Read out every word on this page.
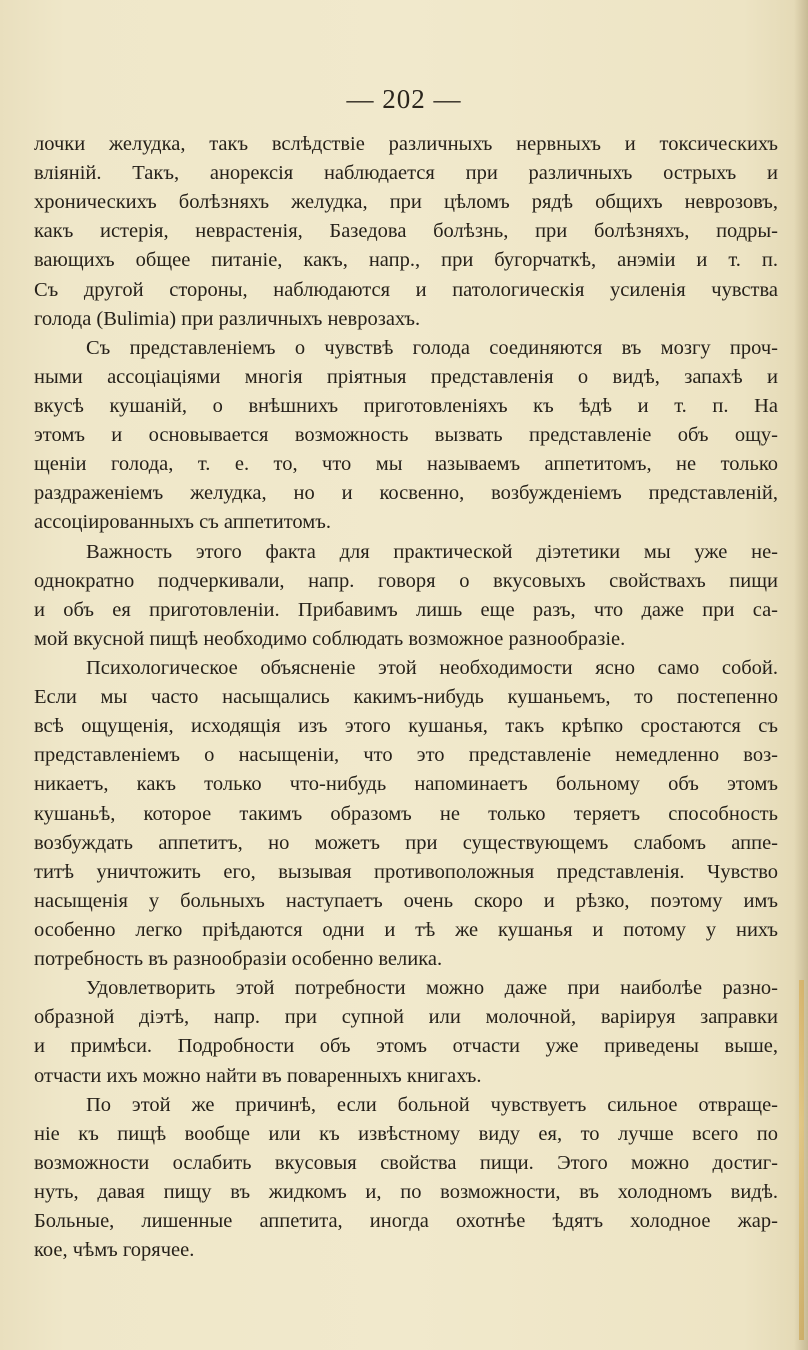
— 202 —
лочки желудка, такъ вслѣдствіе различныхъ нервныхъ и токсическихъ
вліяній. Такъ, анорексія наблюдается при различныхъ острыхъ и
хроническихъ болѣзняхъ желудка, при цѣломъ рядѣ общихъ неврозовъ,
какъ истерія, неврастенія, Базедова болѣзнь, при болѣзняхъ, подры-
вающихъ общее питаніе, какъ, напр., при бугорчаткѣ, анэміи и т. п.
Съ другой стороны, наблюдаются и патологическія усиленія чувства
голода (Bulimia) при различныхъ неврозахъ.
Съ представленіемъ о чувствѣ голода соединяются въ мозгу проч-
ными ассоціаціями многія пріятныя представленія о видѣ, запахѣ и
вкусѣ кушаній, о внѣшнихъ приготовленіяхъ къ ѣдѣ и т. п. На
этомъ и основывается возможность вызвать представленіе объ ощу-
щеніи голода, т. е. то, что мы называемъ аппетитомъ, не только
раздраженіемъ желудка, но и косвенно, возбужденіемъ представленій,
ассоціированныхъ съ аппетитомъ.
Важность этого факта для практической діэтетики мы уже не-
однократно подчеркивали, напр. говоря о вкусовыхъ свойствахъ пищи
и объ ея приготовленіи. Прибавимъ лишь еще разъ, что даже при са-
мой вкусной пищѣ необходимо соблюдать возможное разнообразіе.
Психологическое объясненіе этой необходимости ясно само собой.
Если мы часто насыщались какимъ-нибудь кушаньемъ, то постепенно
всѣ ощущенія, исходящія изъ этого кушанья, такъ крѣпко сростаются съ
представленіемъ о насыщеніи, что это представленіе немедленно воз-
никаетъ, какъ только что-нибудь напоминаетъ больному объ этомъ
кушаньѣ, которое такимъ образомъ не только теряетъ способность
возбуждать аппетитъ, но можетъ при существующемъ слабомъ аппе-
титѣ уничтожить его, вызывая противоположныя представленія. Чувство
насыщенія у больныхъ наступаетъ очень скоро и рѣзко, поэтому имъ
особенно легко пріѣдаются одни и тѣ же кушанья и потому у нихъ
потребность въ разнообразіи особенно велика.
Удовлетворить этой потребности можно даже при наиболѣе разно-
образной діэтѣ, напр. при супной или молочной, варіируя заправки
и примѣси. Подробности объ этомъ отчасти уже приведены выше,
отчасти ихъ можно найти въ поваренныхъ книгахъ.
По этой же причинѣ, если больной чувствуетъ сильное отвраще-
ніе къ пищѣ вообще или къ извѣстному виду ея, то лучше всего по
возможности ослабить вкусовыя свойства пищи. Этого можно достиг-
нуть, давая пищу въ жидкомъ и, по возможности, въ холодномъ видѣ.
Больные, лишенные аппетита, иногда охотнѣе ѣдятъ холодное жар-
кое, чѣмъ горячее.
